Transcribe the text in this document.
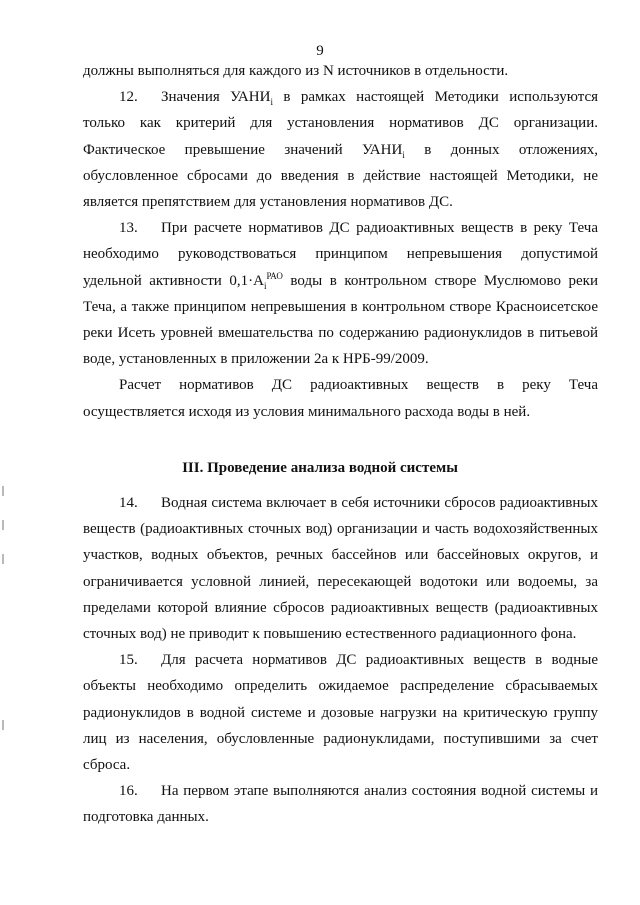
9

должны выполняться для каждого из N источников в отдельности.

12. Значения $УАНИ_i$ в рамках настоящей Методики используются только как критерий для установления нормативов ДС организации. Фактическое превышение значений $УАНИ_i$ в донных отложениях, обусловленное сбросами до введения в действие настоящей Методики, не является препятствием для установления нормативов ДС.

13. При расчете нормативов ДС радиоактивных веществ в реку Теча необходимо руководствоваться принципом непревышения допустимой удельной активности $0,1\cdot A_i^{РАО}$ воды в контрольном створе Муслюмово реки Теча, а также принципом непревышения в контрольном створе Красноисетское реки Исеть уровней вмешательства по содержанию радионуклидов в питьевой воде, установленных в приложении 2а к НРБ-99/2009.

Расчет нормативов ДС радиоактивных веществ в реку Теча осуществляется исходя из условия минимального расхода воды в ней.

III. Проведение анализа водной системы

14. Водная система включает в себя источники сбросов радиоактивных веществ (радиоактивных сточных вод) организации и часть водохозяйственных участков, водных объектов, речных бассейнов или бассейновых округов, и ограничивается условной линией, пересекающей водотоки или водоемы, за пределами которой влияние сбросов радиоактивных веществ (радиоактивных сточных вод) не приводит к повышению естественного радиационного фона.

15. Для расчета нормативов ДС радиоактивных веществ в водные объекты необходимо определить ожидаемое распределение сбрасываемых радионуклидов в водной системе и дозовые нагрузки на критическую группу лиц из населения, обусловленные радионуклидами, поступившими за счет сброса.

16. На первом этапе выполняются анализ состояния водной системы и подготовка данных.
